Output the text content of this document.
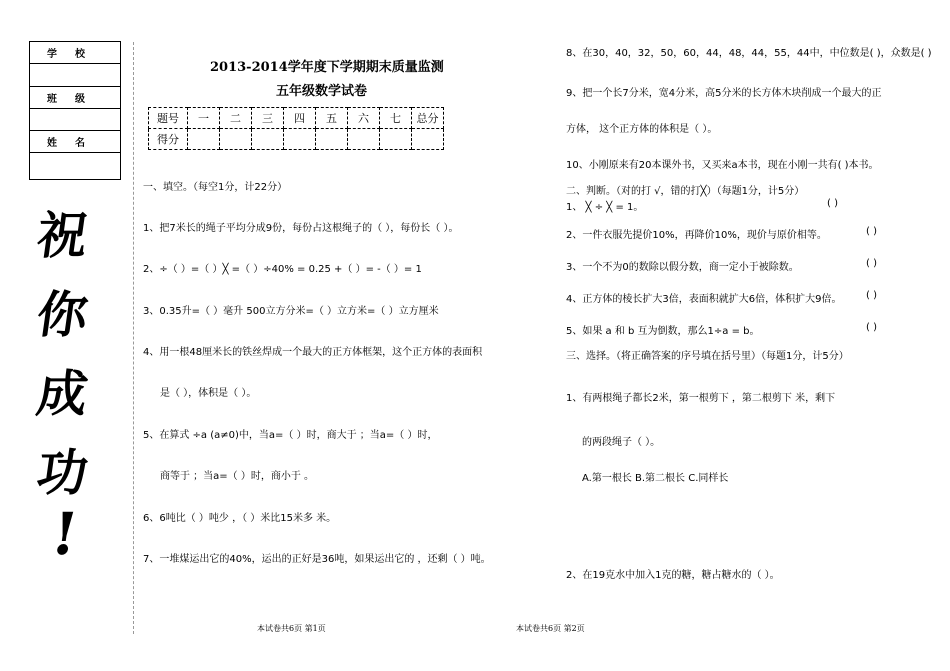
学校
班级
姓名
祝
你
成
功
!
2013-2014学年度下学期期末质量监测
五年级数学试卷
题号	一	二	三	四	五	六	七	总分
得分								
一、填空。（每空1分，计22分）
1、把7米长的绳子平均分成9份，每份占这根绳子的（ ），每份长（ ）。
2、÷（ ）=（ ）╳ =（ ）÷40% = 0.25 +（ ）= -（ ）= 1
3、0.35升=（ ）毫升 500立方分米=（ ）立方米=（ ）立方厘米
4、用一根48厘米长的铁丝焊成一个最大的正方体框架，这个正方体的表面积
是（ ），体积是（ ）。
5、在算式 ÷a (a≠0)中，当a=（ ）时，商大于 ；当a=（ ）时，
商等于 ；当a=（ ）时，商小于 。
6、6吨比（ ）吨少 ，（ ）米比15米多 米。
7、一堆煤运出它的40%，运出的正好是36吨，如果运出它的 ，还剩（ ）吨。
本试卷共6页 第1页
8、在30，40，32，50，60，44，48，44，55，44中，中位数是( )，众数是( )
9、把一个长7分米，宽4分米，高5分米的长方体木块削成一个最大的正
方体， 这个正方体的体积是（ ）。
10、小刚原来有20本课外书，又买来a本书，现在小刚一共有( )本书。
二、判断。（对的打 √，错的打╳）（每题1分，计5分）
1、 ╳ ÷ ╳ = 1。	( )
2、一件衣服先提价10%，再降价10%，现价与原价相等。	( )
3、一个不为0的数除以假分数，商一定小于被除数。	( )
4、正方体的棱长扩大3倍，表面积就扩大6倍，体积扩大9倍。 ( )
5、如果 a 和 b 互为倒数，那么1÷a = b。	( )
三、选择。（将正确答案的序号填在括号里）（每题1分，计5分）
1、有两根绳子都长2米，第一根剪下 ，第二根剪下 米，剩下
的两段绳子（ ）。
A.第一根长 B.第二根长 C.同样长
2、在19克水中加入1克的糖，糖占糖水的（ ）。
本试卷共6页 第2页
